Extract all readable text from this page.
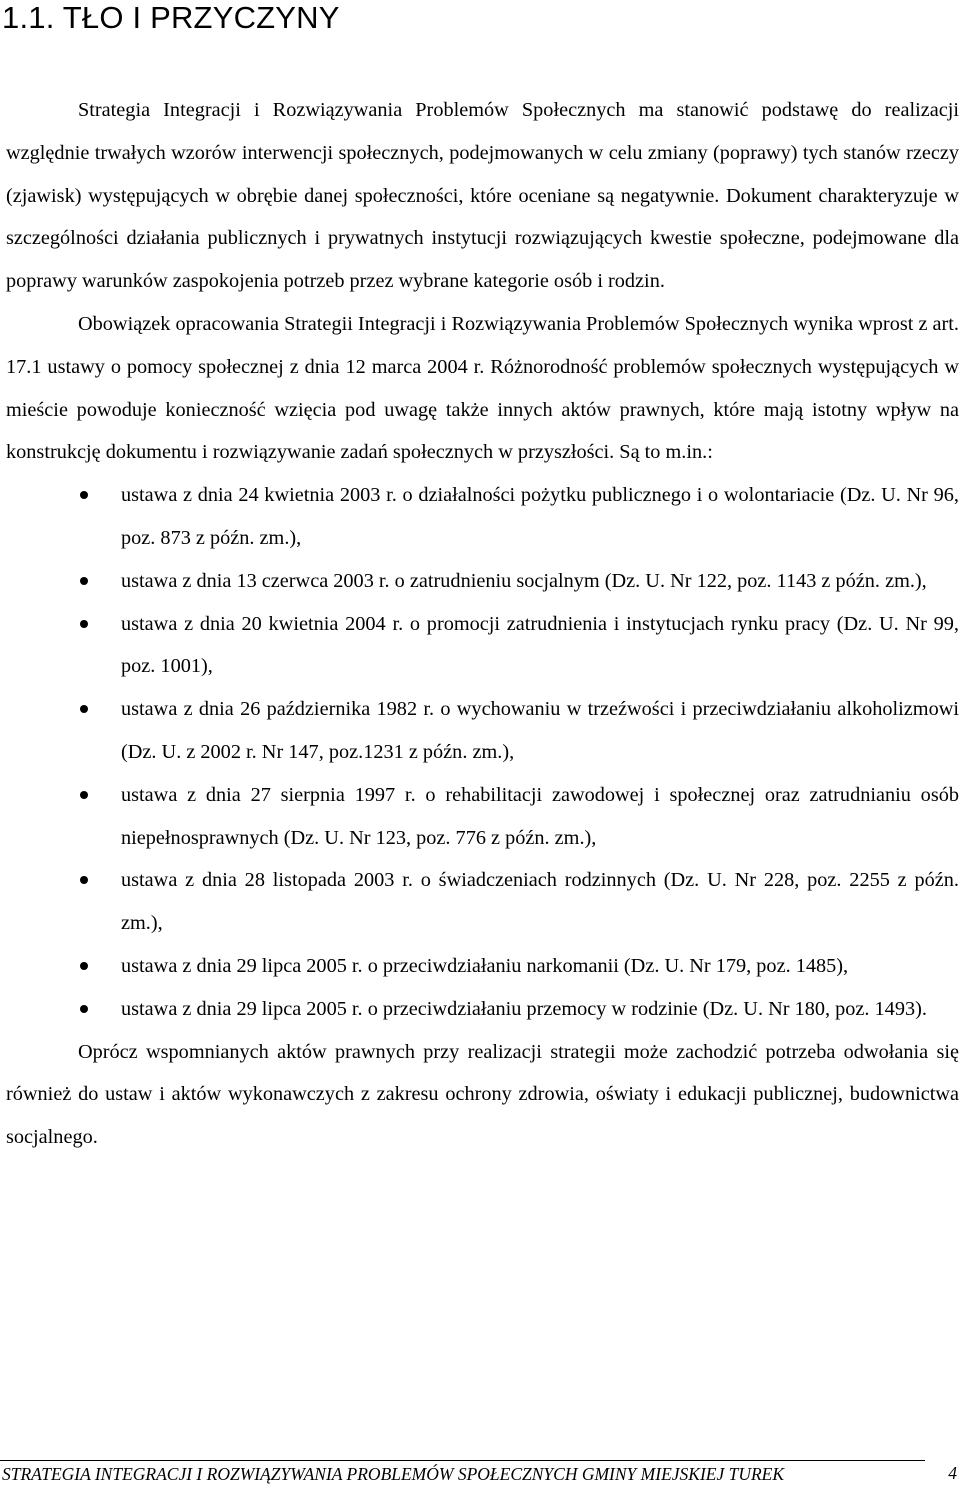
1.1. TŁO I PRZYCZYNY

Strategia Integracji i Rozwiązywania Problemów Społecznych ma stanowić podstawę do realizacji względnie trwałych wzorów interwencji społecznych, podejmowanych w celu zmiany (poprawy) tych stanów rzeczy (zjawisk) występujących w obrębie danej społeczności, które oceniane są negatywnie. Dokument charakteryzuje w szczególności działania publicznych i prywatnych instytucji rozwiązujących kwestie społeczne, podejmowane dla poprawy warunków zaspokojenia potrzeb przez wybrane kategorie osób i rodzin.

Obowiązek opracowania Strategii Integracji i Rozwiązywania Problemów Społecznych wynika wprost z art. 17.1 ustawy o pomocy społecznej z dnia 12 marca 2004 r. Różnorodność problemów społecznych występujących w mieście powoduje konieczność wzięcia pod uwagę także innych aktów prawnych, które mają istotny wpływ na konstrukcję dokumentu i rozwiązywanie zadań społecznych w przyszłości. Są to m.in.:

ustawa z dnia 24 kwietnia 2003 r. o działalności pożytku publicznego i o wolontariacie (Dz. U. Nr 96, poz. 873 z późn. zm.),
ustawa z dnia 13 czerwca 2003 r. o zatrudnieniu socjalnym (Dz. U. Nr 122, poz. 1143 z późn. zm.),
ustawa z dnia 20 kwietnia 2004 r. o promocji zatrudnienia i instytucjach rynku pracy (Dz. U. Nr 99, poz. 1001),
ustawa z dnia 26 października 1982 r. o wychowaniu w trzeźwości i przeciwdziałaniu alkoholizmowi (Dz. U. z 2002 r. Nr 147, poz.1231 z późn. zm.),
ustawa z dnia 27 sierpnia 1997 r. o rehabilitacji zawodowej i społecznej oraz zatrudnianiu osób niepełnosprawnych (Dz. U. Nr 123, poz. 776 z późn. zm.),
ustawa z dnia 28 listopada 2003 r. o świadczeniach rodzinnych (Dz. U. Nr 228, poz. 2255 z późn. zm.),
ustawa z dnia 29 lipca 2005 r. o przeciwdziałaniu narkomanii (Dz. U. Nr 179, poz. 1485),
ustawa z dnia 29 lipca 2005 r. o przeciwdziałaniu przemocy w rodzinie (Dz. U. Nr 180, poz. 1493).

Oprócz wspomnianych aktów prawnych przy realizacji strategii może zachodzić potrzeba odwołania się również do ustaw i aktów wykonawczych z zakresu ochrony zdrowia, oświaty i edukacji publicznej, budownictwa socjalnego.

STRATEGIA INTEGRACJI I ROZWIĄZYWANIA PROBLEMÓW SPOŁECZNYCH GMINY MIEJSKIEJ TUREK	4
